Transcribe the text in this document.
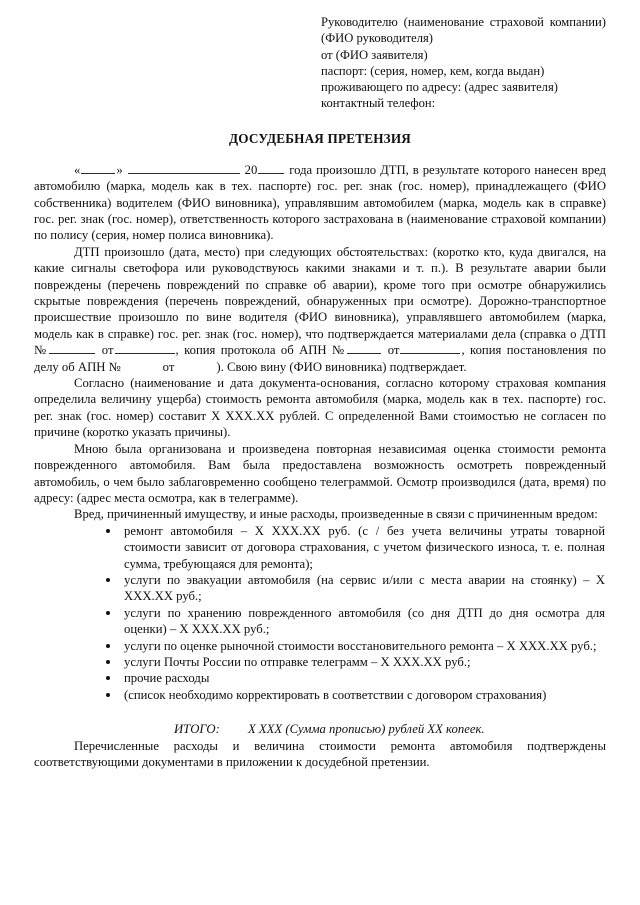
Руководителю (наименование страховой компании)
(ФИО руководителя)
от (ФИО заявителя)
паспорт: (серия, номер, кем, когда выдан)
проживающего по адресу: (адрес заявителя)
контактный телефон:
ДОСУДЕБНАЯ ПРЕТЕНЗИЯ

«	»	20	года произошло ДТП, в результате которого нанесен вред автомобилю (марка, модель как в тех. паспорте) гос. рег. знак (гос. номер), принадлежащего (ФИО собственника) водителем (ФИО виновника), управлявшим автомобилем (марка, модель как в справке) гос. рег. знак (гос. номер), ответственность которого застрахована в (наименование страховой компании) по полису (серия, номер полиса виновника).

ДТП произошло (дата, место) при следующих обстоятельствах: (коротко кто, куда двигался, на какие сигналы светофора или руководствуюсь какими знаками и т. п.). В результате аварии были повреждены (перечень повреждений по справке об аварии), кроме того при осмотре обнаружились скрытые повреждения (перечень повреждений, обнаруженных при осмотре). Дорожно-транспортное происшествие произошло по вине водителя (ФИО виновника), управлявшего автомобилем (марка, модель как в справке) гос. рег. знак (гос. номер), что подтверждается материалами дела (справка о ДТП №	от	, копия протокола об АПН №	от	, копия постановления по делу об АПН №	от	). Свою вину (ФИО виновника) подтверждает.

Согласно (наименование и дата документа-основания, согласно которому страховая компания определила величину ущерба) стоимость ремонта автомобиля (марка, модель как в тех. паспорте) гос. рег. знак (гос. номер) составит X XXX.XX рублей. С определенной Вами стоимостью не согласен по причине (коротко указать причины).

Мною была организована и произведена повторная независимая оценка стоимости ремонта поврежденного автомобиля. Вам была предоставлена возможность осмотреть поврежденный автомобиль, о чем было заблаговременно сообщено телеграммой. Осмотр производился (дата, время) по адресу: (адрес места осмотра, как в телеграмме).

Вред, причиненный имуществу, и иные расходы, произведенные в связи с причиненным вредом:

ремонт автомобиля – X XXX.XX руб. (с / без учета величины утраты товарной стоимости зависит от договора страхования, с учетом физического износа, т. е. полная сумма, требующаяся для ремонта);
услуги по эвакуации автомобиля (на сервис и/или с места аварии на стоянку) – X XXX.XX руб.;
услуги по хранению поврежденного автомобиля (со дня ДТП до дня осмотра для оценки) – X XXX.XX руб.;
услуги по оценке рыночной стоимости восстановительного ремонта – X XXX.XX руб.;
услуги Почты России по отправке телеграмм – X XXX.XX руб.;
прочие расходы
(список необходимо корректировать в соответствии с договором страхования)
ИТОГО: X XXX (Сумма прописью) рублей XX копеек.

Перечисленные расходы и величина стоимости ремонта автомобиля подтверждены соответствующими документами в приложении к досудебной претензии.
